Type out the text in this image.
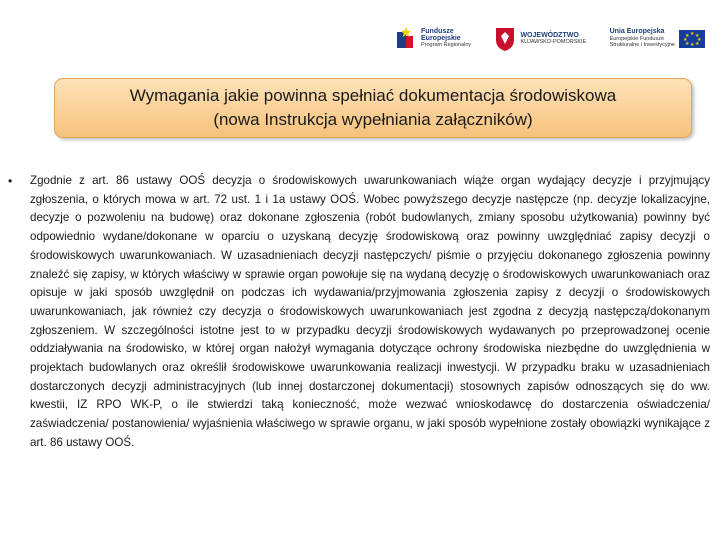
Fundusze
Europejskie
Program Regionalny
WOJEWÓDZTWO
KUJAWSKO-POMORSKIE
Unia Europejska
Europejskie Fundusze
Strukturalne i Inwestycyjne
★ ★
★
★
★
★
★
★
Wymagania jakie powinna spełniać dokumentacja środowiskowa
(nowa Instrukcja wypełniania załączników)
•	Zgodnie z art. 86 ustawy OOŚ decyzja o środowiskowych uwarunkowaniach wiąże organ wydający decyzje i przyjmujący zgłoszenia, o których mowa w art. 72 ust. 1 i 1a ustawy OOŚ. Wobec powyższego decyzje następcze (np. decyzje lokalizacyjne, decyzje o pozwoleniu na budowę) oraz dokonane zgłoszenia (robót budowlanych, zmiany sposobu użytkowania) powinny być odpowiednio wydane/dokonane w oparciu o uzyskaną decyzję środowiskową oraz powinny uwzględniać zapisy decyzji o środowiskowych uwarunkowaniach. W uzasadnieniach decyzji następczych/ piśmie o przyjęciu dokonanego zgłoszenia powinny znaleźć się zapisy, w których właściwy w sprawie organ powołuje się na wydaną decyzję o środowiskowych uwarunkowaniach oraz opisuje w jaki sposób uwzględnił on podczas ich wydawania/przyjmowania zgłoszenia zapisy z decyzji o środowiskowych uwarunkowaniach, jak również czy decyzja o środowiskowych uwarunkowaniach jest zgodna z decyzją następczą/dokonanym zgłoszeniem. W szczególności istotne jest to w przypadku decyzji środowiskowych wydawanych po przeprowadzonej ocenie oddziaływania na środowisko, w której organ nałożył wymagania dotyczące ochrony środowiska niezbędne do uwzględnienia w projektach budowlanych oraz określił środowiskowe uwarunkowania realizacji inwestycji. W przypadku braku w uzasadnieniach dostarczonych decyzji administracyjnych (lub innej dostarczonej dokumentacji) stosownych zapisów odnoszących się do ww. kwestii, IZ RPO WK-P, o ile stwierdzi taką konieczność, może wezwać wnioskodawcę do dostarczenia oświadczenia/ zaświadczenia/ postanowienia/ wyjaśnienia właściwego w sprawie organu, w jaki sposób wypełnione zostały obowiązki wynikające z art. 86 ustawy OOŚ.
